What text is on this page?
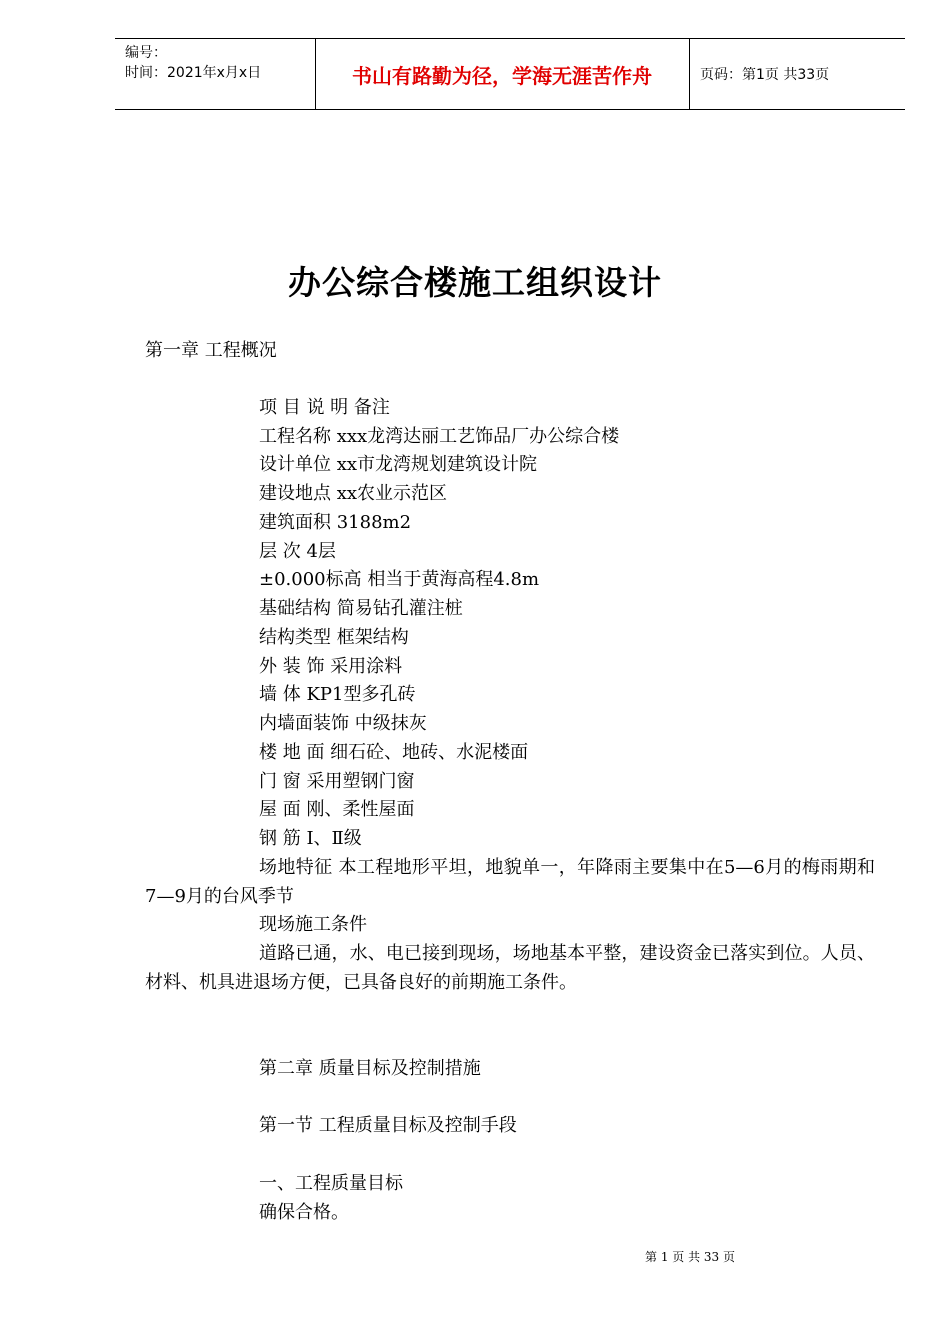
编号：
时间：2021年x月x日	书山有路勤为径，学海无涯苦作舟	页码：第1页 共33页
办公综合楼施工组织设计
第一章 工程概况
项 目 说 明 备注
工程名称 xxx龙湾达丽工艺饰品厂办公综合楼
设计单位 xx市龙湾规划建筑设计院
建设地点 xx农业示范区
建筑面积 3188m2
层 次 4层
±0.000标高 相当于黄海高程4.8m
基础结构 简易钻孔灌注桩
结构类型 框架结构
外 装 饰 采用涂料
墙 体 KP1型多孔砖
内墙面装饰 中级抹灰
楼 地 面 细石砼、地砖、水泥楼面
门 窗 采用塑钢门窗
屋 面 刚、柔性屋面
钢 筋 Ⅰ、Ⅱ级
场地特征 本工程地形平坦，地貌单一，年降雨主要集中在5—6月的梅雨期和7—9月的台风季节
现场施工条件
道路已通，水、电已接到现场，场地基本平整，建设资金已落实到位。人员、材料、机具进退场方便，已具备良好的前期施工条件。
第二章 质量目标及控制措施
第一节 工程质量目标及控制手段
一、工程质量目标
确保合格。
第 1 页 共 33 页
